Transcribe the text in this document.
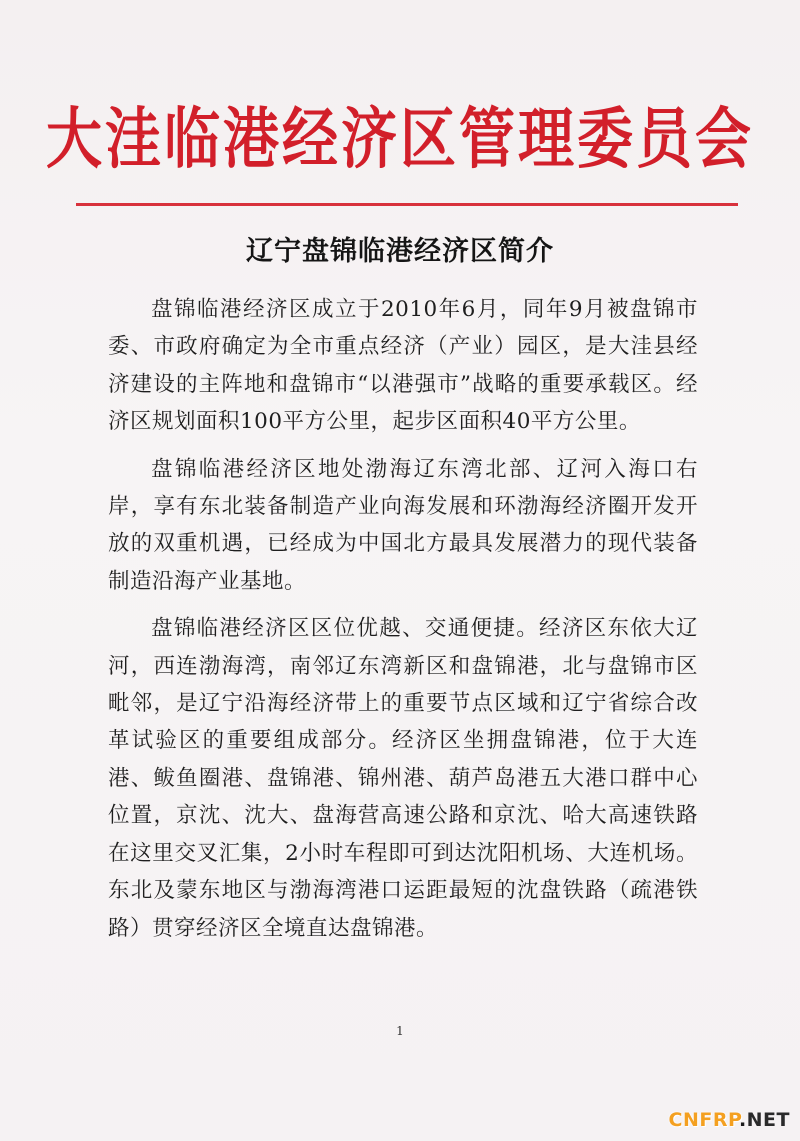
大洼临港经济区管理委员会
辽宁盘锦临港经济区简介

盘锦临港经济区成立于2010年6月，同年9月被盘锦市委、市政府确定为全市重点经济（产业）园区，是大洼县经济建设的主阵地和盘锦市“以港强市”战略的重要承载区。经济区规划面积100平方公里，起步区面积40平方公里。

盘锦临港经济区地处渤海辽东湾北部、辽河入海口右岸，享有东北装备制造产业向海发展和环渤海经济圈开发开放的双重机遇，已经成为中国北方最具发展潜力的现代装备制造沿海产业基地。

盘锦临港经济区区位优越、交通便捷。经济区东依大辽河，西连渤海湾，南邻辽东湾新区和盘锦港，北与盘锦市区毗邻，是辽宁沿海经济带上的重要节点区域和辽宁省综合改革试验区的重要组成部分。经济区坐拥盘锦港，位于大连港、鲅鱼圈港、盘锦港、锦州港、葫芦岛港五大港口群中心位置，京沈、沈大、盘海营高速公路和京沈、哈大高速铁路在这里交叉汇集，2小时车程即可到达沈阳机场、大连机场。东北及蒙东地区与渤海湾港口运距最短的沈盘铁路（疏港铁路）贯穿经济区全境直达盘锦港。

1
CNFRP.NET
